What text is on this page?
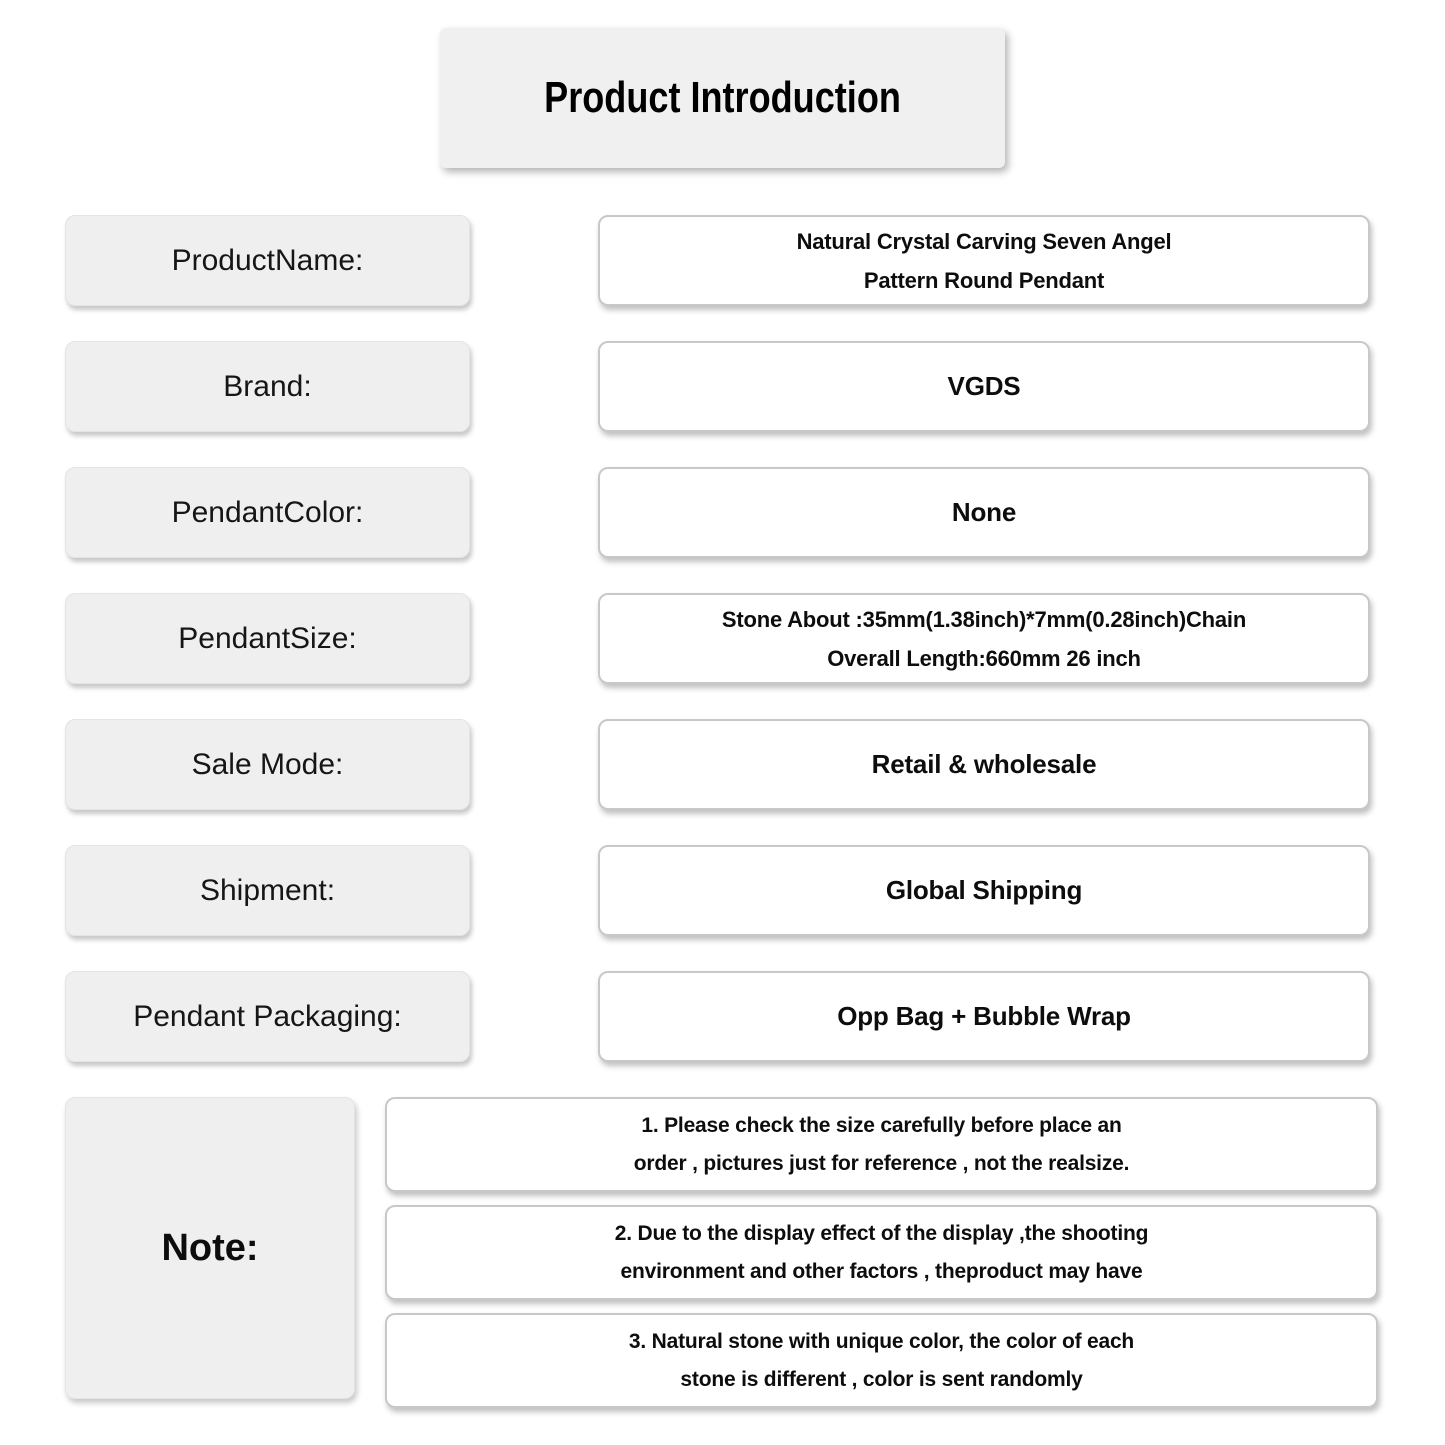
Product Introduction
ProductName:
Natural Crystal Carving Seven Angel
Pattern Round Pendant
Brand:	VGDS
PendantColor:	None
PendantSize:
Stone About :35mm(1.38inch)*7mm(0.28inch)Chain
Overall Length:660mm 26 inch
Sale Mode:	Retail & wholesale
Shipment:	Global Shipping
Pendant Packaging:	Opp Bag + Bubble Wrap
Note:
1. Please check the size carefully before place an
order , pictures just for reference , not the realsize.
2. Due to the display effect of the display ,the shooting
environment and other factors , theproduct may have
3. Natural stone with unique color, the color of each
stone is different , color is sent randomly
